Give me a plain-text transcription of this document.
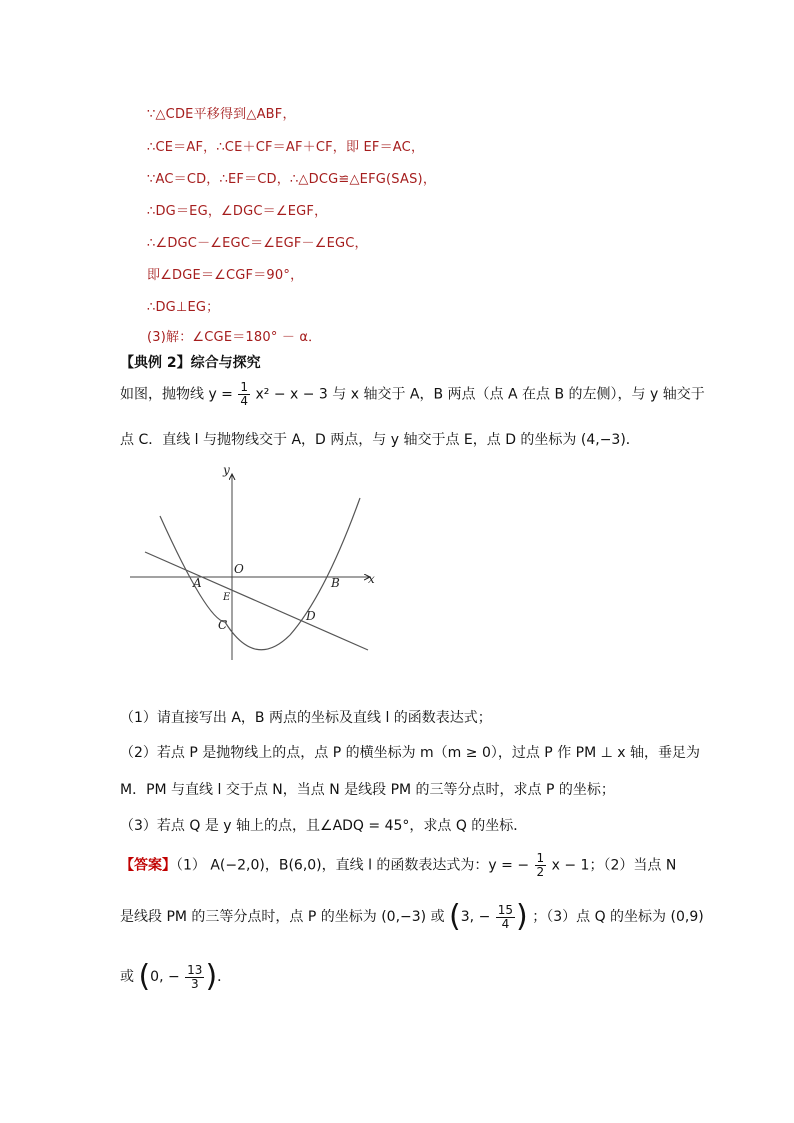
∵△CDE平移得到△ABF，
∴CE＝AF，∴CE＋CF＝AF＋CF，即 EF＝AC，
∵AC＝CD，∴EF＝CD，∴△DCG≌△EFG(SAS)，
∴DG＝EG，∠DGC＝∠EGF，
∴∠DGC－∠EGC＝∠EGF－∠EGC，
即∠DGE＝∠CGF＝90°，
∴DG⊥EG；
(3)解：∠CGE＝180° － α．
【典例 2】综合与探究
如图，抛物线 $y = \frac{1}{4} x^2 - x - 3$ 与 x 轴交于 A，B 两点（点 A 在点 B 的左侧），与 y 轴交于
点 C．直线 l 与抛物线交于 A，D 两点，与 y 轴交于点 E，点 D 的坐标为 (4,−3)．
y
x
O
A	B
C
D
E
（1）请直接写出 A，B 两点的坐标及直线 l 的函数表达式；
（2）若点 P 是抛物线上的点，点 P 的横坐标为 m（m ≥ 0），过点 P 作 PM ⊥ x 轴，垂足为
M．PM 与直线 l 交于点 N，当点 N 是线段 PM 的三等分点时，求点 P 的坐标；
（3）若点 Q 是 y 轴上的点，且∠ADQ = 45°，求点 Q 的坐标．
【答案】（1） A(−2,0)，B(6,0)，直线 l 的函数表达式为：y = − $\frac{1}{2}$ x − 1；（2）当点 N
是线段 PM 的三等分点时，点 P 的坐标为 (0,−3) 或 (3, − $\frac{15}{4}$ ) ；（3）点 Q 的坐标为 (0,9)
或 (0, − $\frac{13}{3}$ )．
